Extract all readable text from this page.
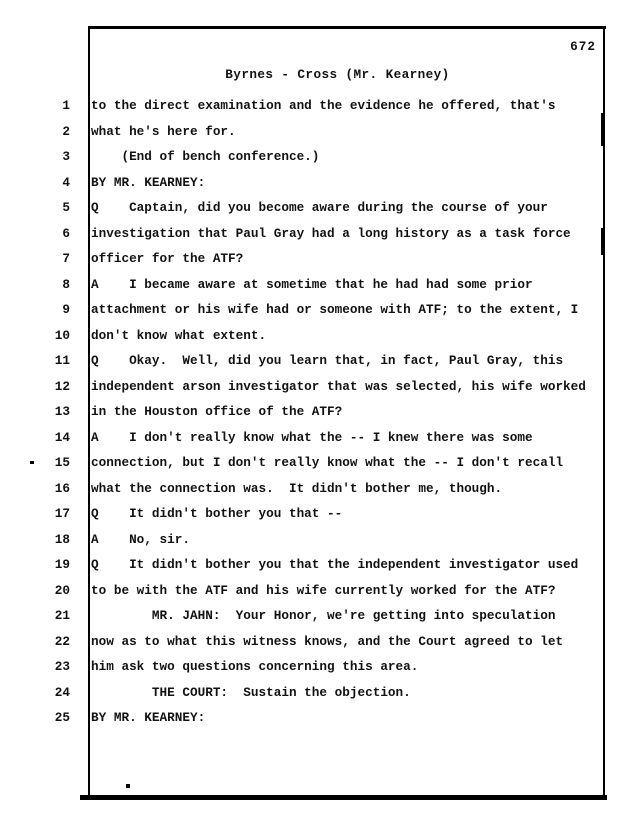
Byrnes - Cross (Mr. Kearney)

672

1 to the direct examination and the evidence he offered, that's
2 what he's here for.
3    (End of bench conference.)
4 BY MR. KEARNEY:
5 Q    Captain, did you become aware during the course of your
6 investigation that Paul Gray had a long history as a task force
7 officer for the ATF?
8 A    I became aware at sometime that he had had some prior
9 attachment or his wife had or someone with ATF; to the extent, I
10 don't know what extent.
11 Q    Okay.  Well, did you learn that, in fact, Paul Gray, this
12 independent arson investigator that was selected, his wife worked
13 in the Houston office of the ATF?
14 A    I don't really know what the -- I knew there was some
15 connection, but I don't really know what the -- I don't recall
16 what the connection was.  It didn't bother me, though.
17 Q    It didn't bother you that --
18 A    No, sir.
19 Q    It didn't bother you that the independent investigator used
20 to be with the ATF and his wife currently worked for the ATF?
21        MR. JAHN:  Your Honor, we're getting into speculation
22 now as to what this witness knows, and the Court agreed to let
23 him ask two questions concerning this area.
24        THE COURT:  Sustain the objection.
25 BY MR. KEARNEY:
